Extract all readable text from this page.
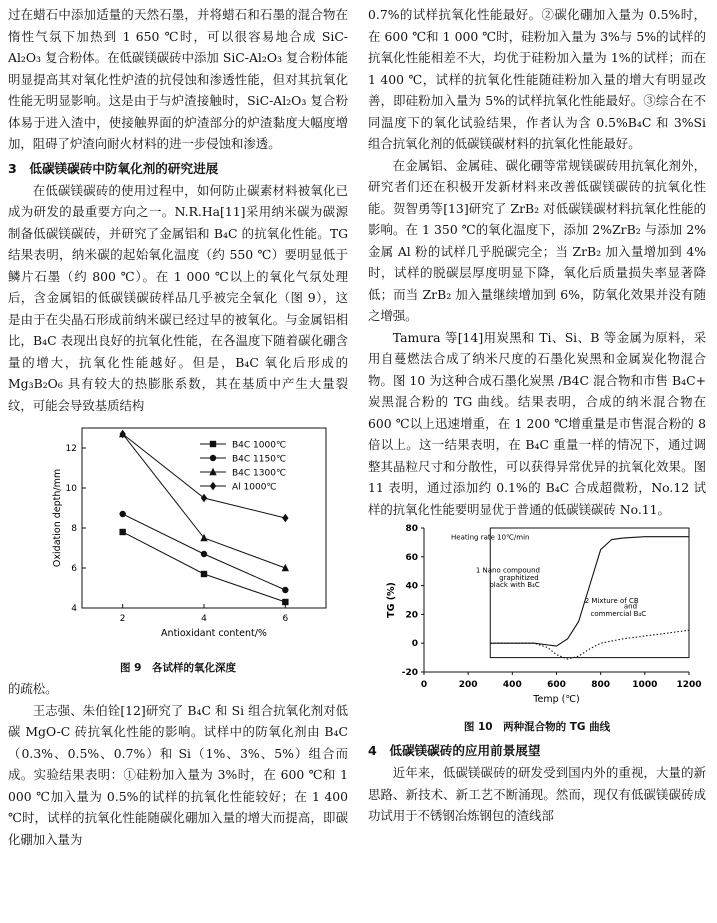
过在蜡石中添加适量的天然石墨，并将蜡石和石墨的混合物在惰性气氛下加热到 1 650 ℃时，可以很容易地合成 SiC-Al₂O₃ 复合粉体。在低碳镁碳砖中添加 SiC-Al₂O₃ 复合粉体能明显提高其对氧化性炉渣的抗侵蚀和渗透性能，但对其抗氧化性能无明显影响。这是由于与炉渣接触时，SiC-Al₂O₃ 复合粉体易于进入渣中，使接触界面的炉渣部分的炉渣黏度大幅度增加，阻碍了炉渣向耐火材料的进一步侵蚀和渗透。

3　低碳镁碳砖中防氧化剂的研究进展

在低碳镁碳砖的使用过程中，如何防止碳素材料被氧化已成为研发的最重要方向之一。N.R.Ha[11]采用纳米碳为碳源制备低碳镁碳砖，并研究了金属铝和 B₄C 的抗氧化性能。TG 结果表明，纳米碳的起始氧化温度（约 550 ℃）要明显低于鳞片石墨（约 800 ℃）。在 1 000 ℃以上的氧化气氛处理后，含金属铝的低碳镁碳砖样品几乎被完全氧化（图 9），这是由于在尖晶石形成前纳米碳已经过早的被氧化。与金属铝相比，B₄C 表现出良好的抗氧化性能，在各温度下随着碳化硼含量的增大，抗氧化性能越好。但是，B₄C 氧化后形成的 Mg₃B₂O₆ 具有较大的热膨胀系数，其在基质中产生大量裂纹，可能会导致基质结构

2	4	6
4
6
8
10
12
Antioxidant content/%
Oxidation depth/mm
B4C 1000℃
B4C 1150℃
B4C 1300℃
Al 1000℃

图 9　各试样的氧化深度

的疏松。

王志强、朱伯铨[12]研究了 B₄C 和 Si 组合抗氧化剂对低碳 MgO-C 砖抗氧化性能的影响。试样中的防氧化剂由 B₄C（0.3%、0.5%、0.7%）和 Si（1%、3%、5%）组合而成。实验结果表明：①硅粉加入量为 3%时，在 600 ℃和 1 000 ℃加入量为 0.5%的试样的抗氧化性能较好；在 1 400 ℃时，试样的抗氧化性能随碳化硼加入量的增大而提高，即碳化硼加入量为

0.7%的试样抗氧化性能最好。②碳化硼加入量为 0.5%时，在 600 ℃和 1 000 ℃时，硅粉加入量为 3%与 5%的试样的抗氧化性能相差不大，均优于硅粉加入量为 1%的试样；而在 1 400 ℃，试样的抗氧化性能随硅粉加入量的增大有明显改善，即硅粉加入量为 5%的试样抗氧化性能最好。③综合在不同温度下的氧化试验结果，作者认为含 0.5%B₄C 和 3%Si 组合抗氧化剂的低碳镁碳材料的抗氧化性能最好。

在金属铝、金属硅、碳化硼等常规镁碳砖用抗氧化剂外，研究者们还在积极开发新材料来改善低碳镁碳砖的抗氧化性能。贺智勇等[13]研究了 ZrB₂ 对低碳镁碳材料抗氧化性能的影响。在 1 350 ℃的氧化温度下，添加 2%ZrB₂ 与添加 2%金属 Al 粉的试样几乎脱碳完全；当 ZrB₂ 加入量增加到 4%时，试样的脱碳层厚度明显下降，氧化后质量损失率显著降低；而当 ZrB₂ 加入量继续增加到 6%，防氧化效果并没有随之增强。

Tamura 等[14]用炭黑和 Ti、Si、B 等金属为原料，采用自蔓燃法合成了纳米尺度的石墨化炭黑和金属炭化物混合物。图 10 为这种合成石墨化炭黑 /B4C 混合物和市售 B₄C+ 炭黑混合粉的 TG 曲线。结果表明，合成的纳米混合物在 600 ℃以上迅速增重，在 1 200 ℃增重量是市售混合粉的 8 倍以上。这一结果表明，在 B₄C 重量一样的情况下，通过调整其晶粒尺寸和分散性，可以获得异常优异的抗氧化效果。图 11 表明，通过添加约 0.1%的 B₄C 合成超微粉，No.12 试样的抗氧化性能要明显优于普通的低碳镁碳砖 No.11。

0	200	400	600	800 1000 1200
-20
0
20
40
60
80
Temp (℃)
TG (%)
Heating rate 10℃/min
1 Nano compound
graphitized
black with B₄C
2 Mixture of CB
and
commercial B₄C

图 10　两种混合物的 TG 曲线

4　低碳镁碳砖的应用前景展望

近年来，低碳镁碳砖的研发受到国内外的重视，大量的新思路、新技术、新工艺不断涌现。然而，现仅有低碳镁碳砖成功试用于不锈钢冶炼钢包的渣线部
